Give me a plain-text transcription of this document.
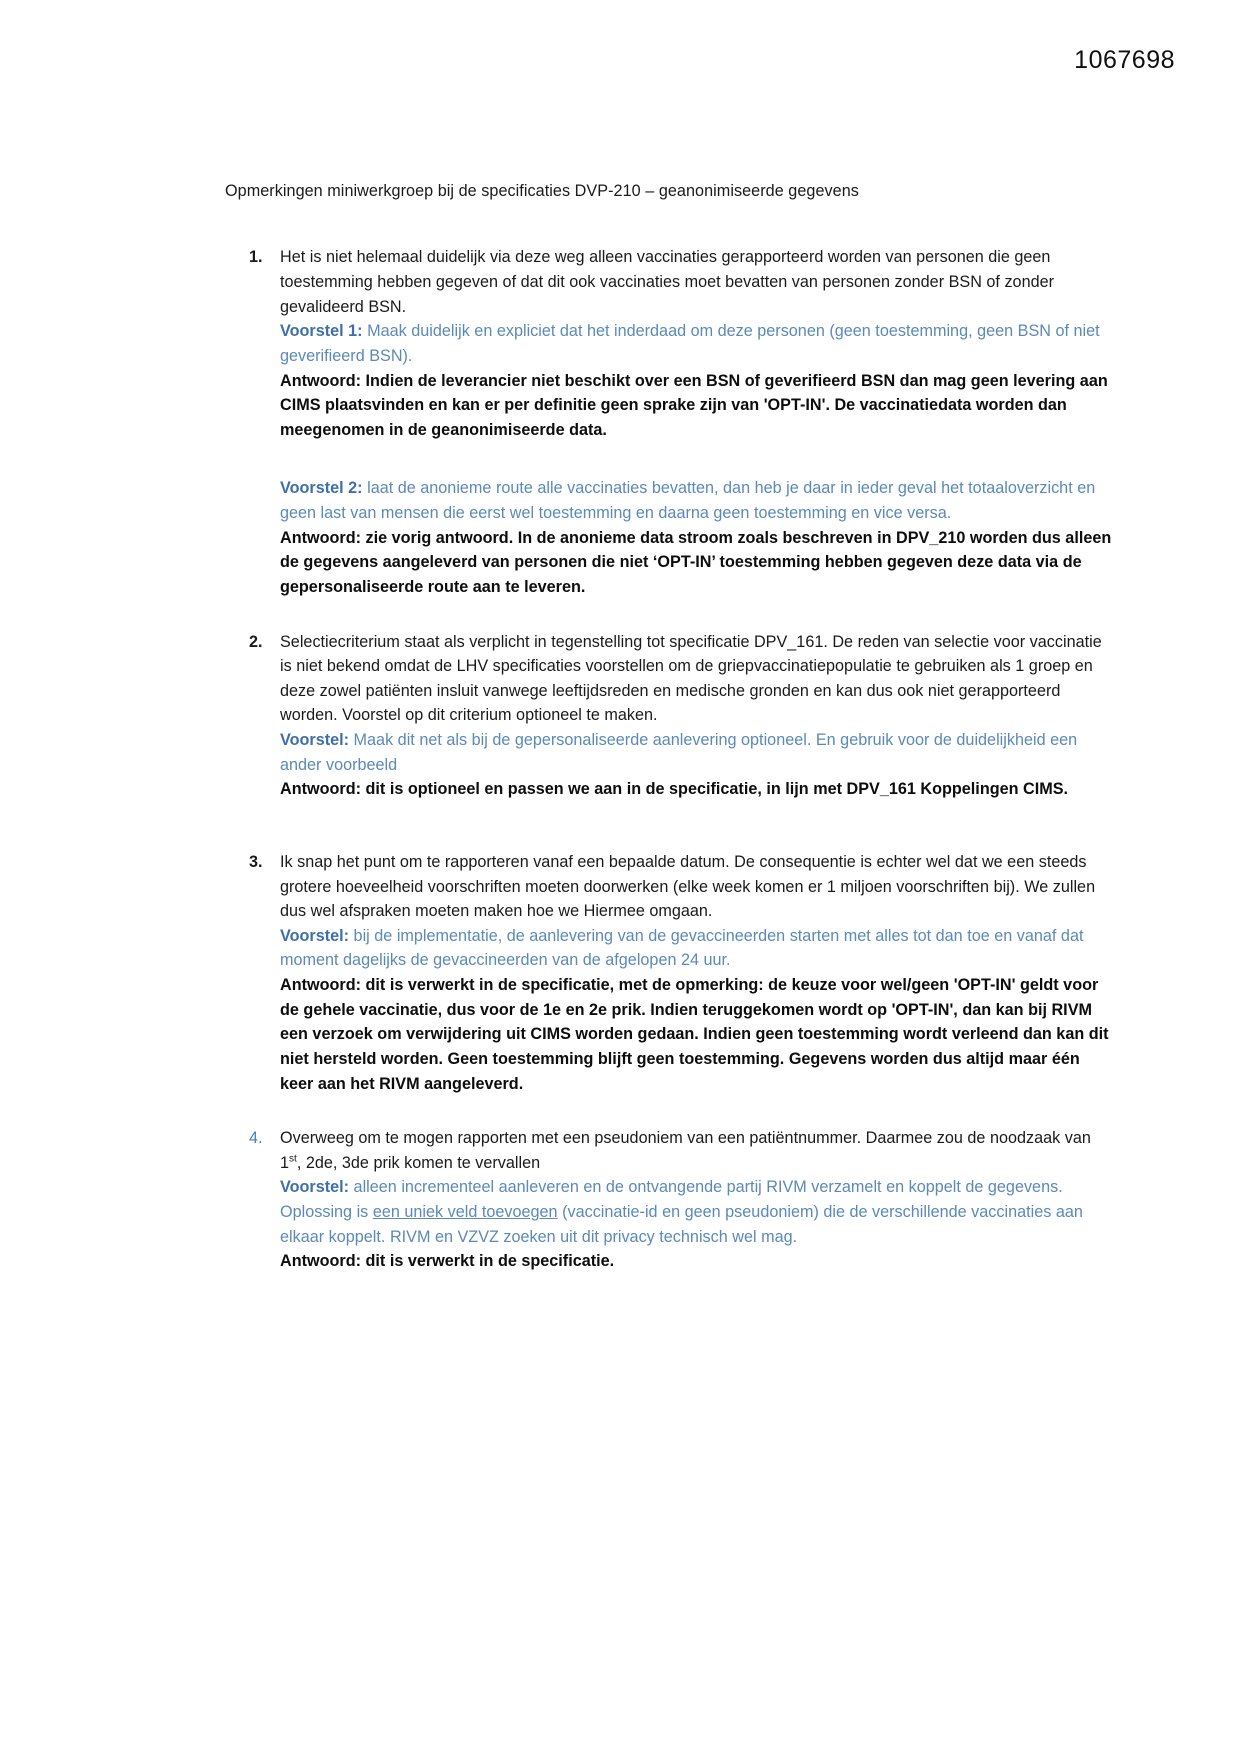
1067698

Opmerkingen miniwerkgroep bij de specificaties DVP-210 – geanonimiseerde gegevens

1. Het is niet helemaal duidelijk via deze weg alleen vaccinaties gerapporteerd worden van personen die geen toestemming hebben gegeven of dat dit ook vaccinaties moet bevatten van personen zonder BSN of zonder gevalideerd BSN.

Voorstel 1: Maak duidelijk en expliciet dat het inderdaad om deze personen (geen toestemming, geen BSN of niet geverifieerd BSN).

Antwoord: Indien de leverancier niet beschikt over een BSN of geverifieerd BSN dan mag geen levering aan CIMS plaatsvinden en kan er per definitie geen sprake zijn van 'OPT-IN'. De vaccinatiedata worden dan meegenomen in de geanonimiseerde data.

Voorstel 2: laat de anonieme route alle vaccinaties bevatten, dan heb je daar in ieder geval het totaaloverzicht en geen last van mensen die eerst wel toestemming en daarna geen toestemming en vice versa.

Antwoord: zie vorig antwoord. In de anonieme data stroom zoals beschreven in DPV_210 worden dus alleen de gegevens aangeleverd van personen die niet ‘OPT-IN’ toestemming hebben gegeven deze data via de gepersonaliseerde route aan te leveren.

2. Selectiecriterium staat als verplicht in tegenstelling tot specificatie DPV_161. De reden van selectie voor vaccinatie is niet bekend omdat de LHV specificaties voorstellen om de griepvaccinatiepopulatie te gebruiken als 1 groep en deze zowel patiënten insluit vanwege leeftijdsreden en medische gronden en kan dus ook niet gerapporteerd worden. Voorstel op dit criterium optioneel te maken.

Voorstel: Maak dit net als bij de gepersonaliseerde aanlevering optioneel. En gebruik voor de duidelijkheid een ander voorbeeld

Antwoord: dit is optioneel en passen we aan in de specificatie, in lijn met DPV_161 Koppelingen CIMS.

3. Ik snap het punt om te rapporteren vanaf een bepaalde datum. De consequentie is echter wel dat we een steeds grotere hoeveelheid voorschriften moeten doorwerken (elke week komen er 1 miljoen voorschriften bij). We zullen dus wel afspraken moeten maken hoe we Hiermee omgaan.

Voorstel: bij de implementatie, de aanlevering van de gevaccineerden starten met alles tot dan toe en vanaf dat moment dagelijks de gevaccineerden van de afgelopen 24 uur.

Antwoord: dit is verwerkt in de specificatie, met de opmerking: de keuze voor wel/geen 'OPT-IN' geldt voor de gehele vaccinatie, dus voor de 1e en 2e prik. Indien teruggekomen wordt op 'OPT-IN', dan kan bij RIVM een verzoek om verwijdering uit CIMS worden gedaan. Indien geen toestemming wordt verleend dan kan dit niet hersteld worden. Geen toestemming blijft geen toestemming. Gegevens worden dus altijd maar één keer aan het RIVM aangeleverd.

4. Overweeg om te mogen rapporten met een pseudoniem van een patiëntnummer. Daarmee zou de noodzaak van 1st, 2de, 3de prik komen te vervallen

Voorstel: alleen incrementeel aanleveren en de ontvangende partij RIVM verzamelt en koppelt de gegevens. Oplossing is een uniek veld toevoegen (vaccinatie-id en geen pseudoniem) die de verschillende vaccinaties aan elkaar koppelt. RIVM en VZVZ zoeken uit dit privacy technisch wel mag.

Antwoord: dit is verwerkt in de specificatie.
